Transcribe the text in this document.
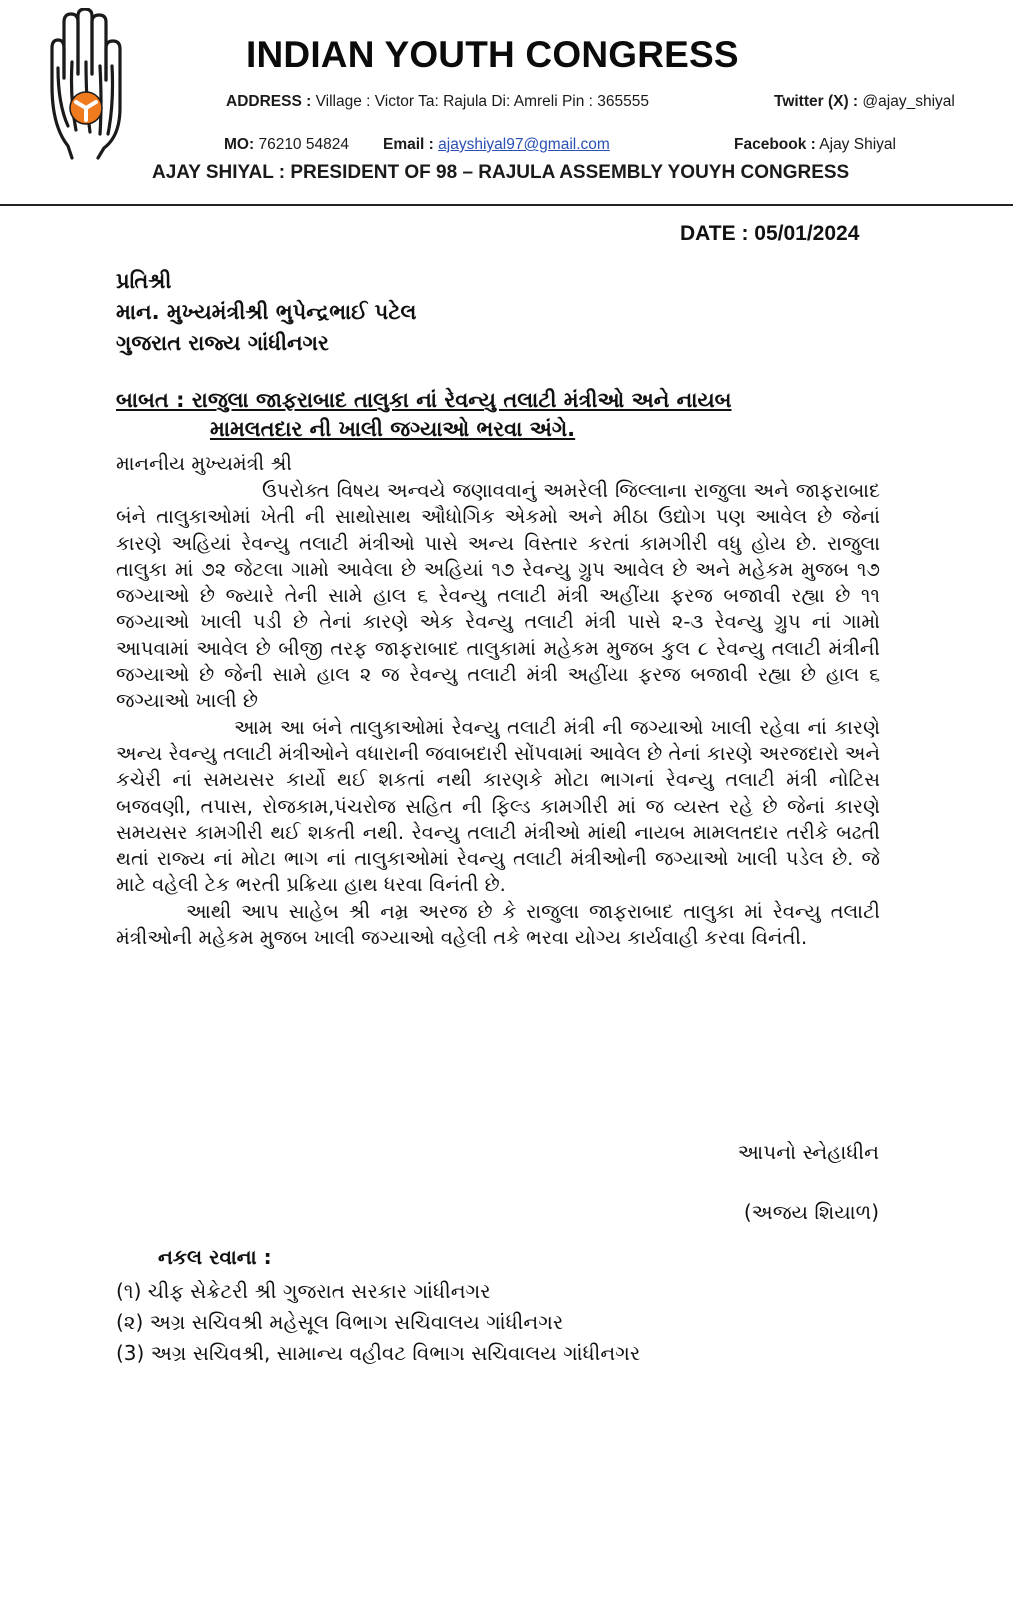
INDIAN YOUTH CONGRESS
ADDRESS : Village : Victor Ta: Rajula Di: Amreli Pin : 365555	Twitter (X) : @ajay_shiyal
MO: 76210 54824 Email : ajayshiyal97@gmail.com	Facebook : Ajay Shiyal
AJAY SHIYAL : PRESIDENT OF 98 – RAJULA ASSEMBLY YOUYH CONGRESS
DATE : 05/01/2024
પ્રતિશ્રી
માન. મુખ્યમંત્રીશ્રી ભુપેન્દ્રભાઈ પટેલ
ગુજરાત રાજ્ય ગાંધીનગર
બાબત : રાજુલા જાફરાબાદ તાલુકા નાં રેવન્યુ તલાટી મંત્રીઓ અને નાયબ
મામલતદાર ની ખાલી જગ્યાઓ ભરવા અંગે.
માનનીય મુખ્યમંત્રી શ્રી

ઉપરોક્ત વિષય અન્વયે જણાવવાનું અમરેલી જિલ્લાના રાજુલા અને જાફરાબાદ બંને તાલુકાઓમાં ખેતી ની સાથોસાથ ઔધોગિક એકમો અને મીઠા ઉદ્યોગ પણ આવેલ છે જેનાં કારણે અહિયાં રેવન્યુ તલાટી મંત્રીઓ પાસે અન્ય વિસ્તાર કરતાં કામગીરી વધુ હોય છે. રાજુલા તાલુકા માં ૭૨ જેટલા ગામો આવેલા છે અહિયાં ૧૭ રેવન્યુ ગ્રુપ આવેલ છે અને મહેકમ મુજબ ૧૭ જગ્યાઓ છે જ્યારે તેની સામે હાલ ૬ રેવન્યુ તલાટી મંત્રી અહીંયા ફરજ બજાવી રહ્યા છે ૧૧ જગ્યાઓ ખાલી પડી છે તેનાં કારણે એક રેવન્યુ તલાટી મંત્રી પાસે ૨-૩ રેવન્યુ ગ્રુપ નાં ગામો આપવામાં આવેલ છે બીજી તરફ જાફરાબાદ તાલુકામાં મહેકમ મુજબ કુલ ૮ રેવન્યુ તલાટી મંત્રીની જગ્યાઓ છે જેની સામે હાલ ૨ જ રેવન્યુ તલાટી મંત્રી અહીંયા ફરજ બજાવી રહ્યા છે હાલ ૬ જગ્યાઓ ખાલી છે

આમ આ બંને તાલુકાઓમાં રેવન્યુ તલાટી મંત્રી ની જગ્યાઓ ખાલી રહેવા નાં કારણે અન્ય રેવન્યુ તલાટી મંત્રીઓને વધારાની જવાબદારી સોંપવામાં આવેલ છે તેનાં કારણે અરજદારો અને કચેરી નાં સમયસર કાર્યો થઈ શકતાં નથી કારણકે મોટા ભાગનાં રેવન્યુ તલાટી મંત્રી નોટિસ બજવણી, તપાસ, રોજકામ,પંચરોજ સહિત ની ફિલ્ડ કામગીરી માં જ વ્યસ્ત રહે છે જેનાં કારણે સમયસર કામગીરી થઈ શકતી નથી. રેવન્યુ તલાટી મંત્રીઓ માંથી નાયબ મામલતદાર તરીકે બઢતી થતાં રાજ્ય નાં મોટા ભાગ નાં તાલુકાઓમાં રેવન્યુ તલાટી મંત્રીઓની જગ્યાઓ ખાલી પડેલ છે. જે માટે વહેલી ટેક ભરતી પ્રક્રિયા હાથ ધરવા વિનંતી છે.

આથી આપ સાહેબ શ્રી નમ્ર અરજ છે કે રાજુલા જાફરાબાદ તાલુકા માં રેવન્યુ તલાટી મંત્રીઓની મહેકમ મુજબ ખાલી જગ્યાઓ વહેલી તકે ભરવા યોગ્ય કાર્યવાહી કરવા વિનંતી.

આપનો સ્નેહાધીન
(અજય શિયાળ)
નકલ રવાના :
(૧) ચીફ સેક્રેટરી શ્રી ગુજરાત સરકાર ગાંધીનગર
(૨) અગ્ર સચિવશ્રી મહેસૂલ વિભાગ સચિવાલય ગાંધીનગર
(3) અગ્ર સચિવશ્રી, સામાન્ય વહીવટ વિભાગ સચિવાલય ગાંધીનગર
